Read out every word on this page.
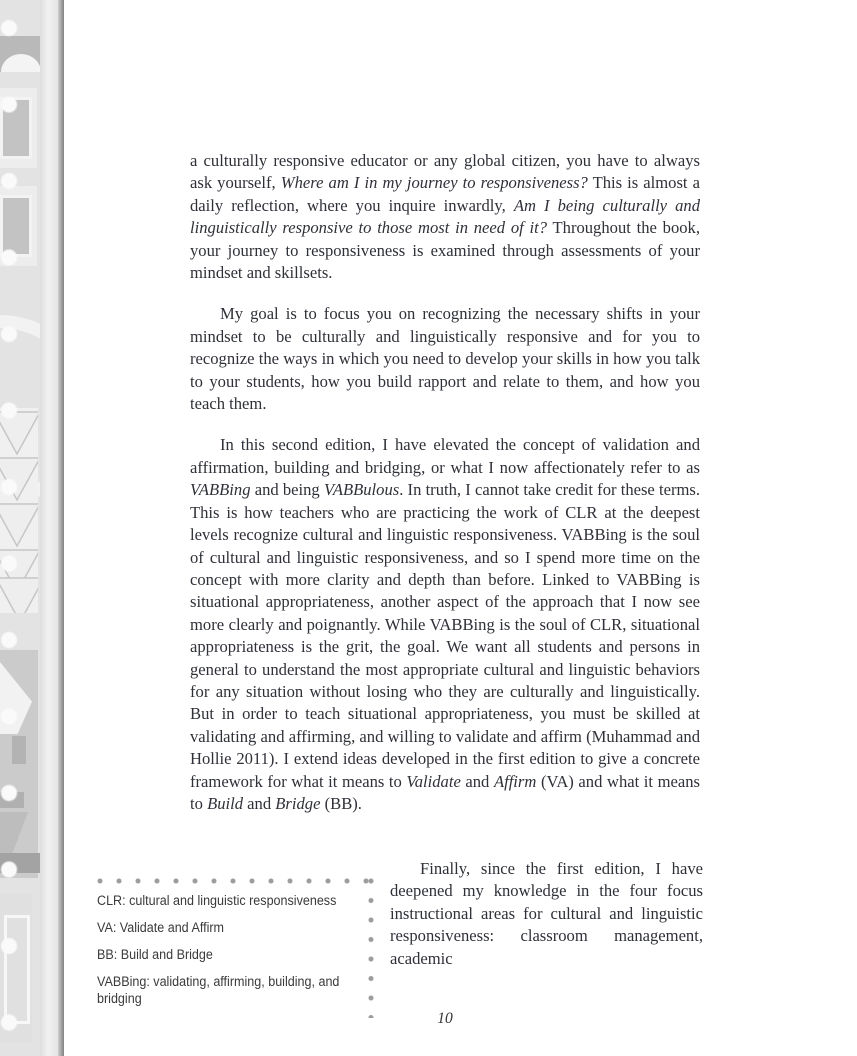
a culturally responsive educator or any global citizen, you have to always ask yourself, Where am I in my journey to responsiveness? This is almost a daily reflection, where you inquire inwardly, Am I being culturally and linguistically responsive to those most in need of it? Throughout the book, your journey to responsiveness is examined through assessments of your mindset and skillsets.

My goal is to focus you on recognizing the necessary shifts in your mindset to be culturally and linguistically responsive and for you to recognize the ways in which you need to develop your skills in how you talk to your students, how you build rapport and relate to them, and how you teach them.

In this second edition, I have elevated the concept of validation and affirmation, building and bridging, or what I now affectionately refer to as VABBing and being VABBulous. In truth, I cannot take credit for these terms. This is how teachers who are practicing the work of CLR at the deepest levels recognize cultural and linguistic responsiveness. VABBing is the soul of cultural and linguistic responsiveness, and so I spend more time on the concept with more clarity and depth than before. Linked to VABBing is situational appropriateness, another aspect of the approach that I now see more clearly and poignantly. While VABBing is the soul of CLR, situational appropriateness is the grit, the goal. We want all students and persons in general to understand the most appropriate cultural and linguistic behaviors for any situation without losing who they are culturally and linguistically. But in order to teach situational appropriateness, you must be skilled at validating and affirming, and willing to validate and affirm (Muhammad and Hollie 2011). I extend ideas developed in the first edition to give a concrete framework for what it means to Validate and Affirm (VA) and what it means to Build and Bridge (BB).

CLR: cultural and linguistic responsiveness

VA: Validate and Affirm

BB: Build and Bridge

VABBing: validating, affirming, building, and bridging

Finally, since the first edition, I have deepened my knowledge in the four focus instructional areas for cultural and linguistic responsiveness: classroom management, academic

10
